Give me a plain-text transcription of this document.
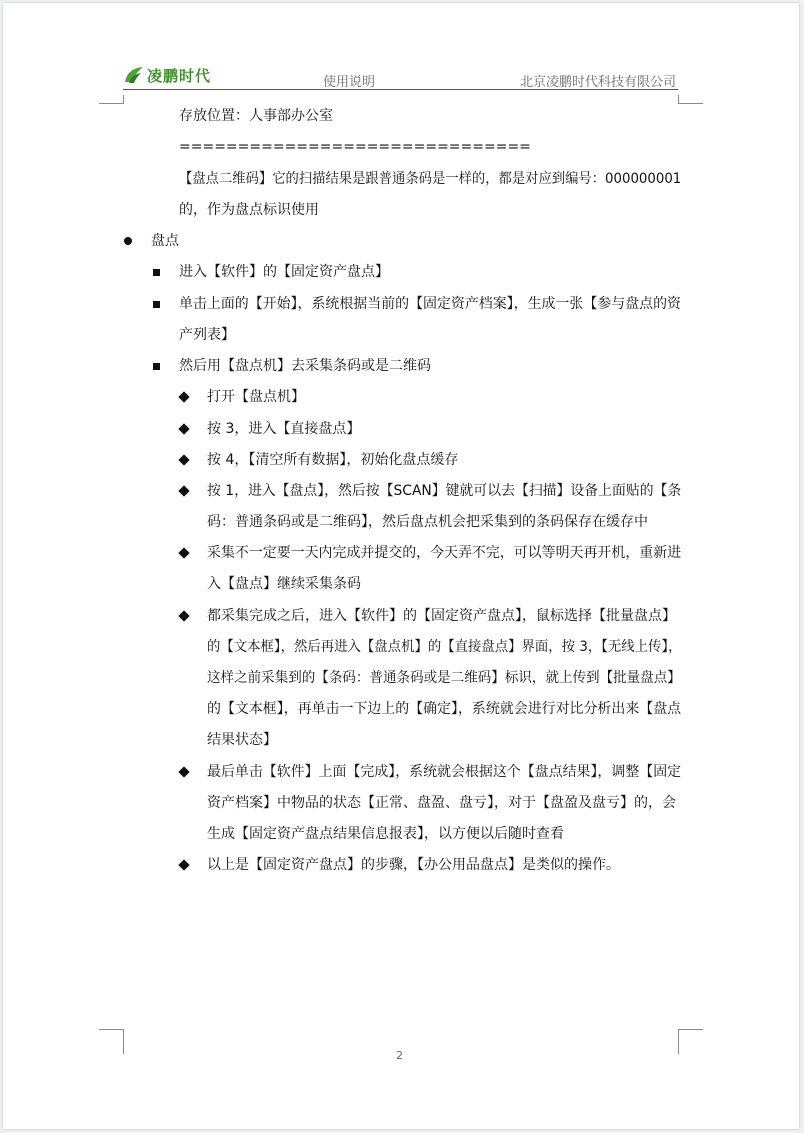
凌鹏时代	使用说明	北京凌鹏时代科技有限公司
存放位置：人事部办公室
==============================
【盘点二维码】它的扫描结果是跟普通条码是一样的，都是对应到编号：000000001
的，作为盘点标识使用
盘点
进入【软件】的【固定资产盘点】
单击上面的【开始】，系统根据当前的【固定资产档案】，生成一张【参与盘点的资
产列表】
然后用【盘点机】去采集条码或是二维码
打开【盘点机】
按 3，进入【直接盘点】
按 4，【清空所有数据】，初始化盘点缓存
按 1，进入【盘点】，然后按【SCAN】键就可以去【扫描】设备上面贴的【条
码：普通条码或是二维码】，然后盘点机会把采集到的条码保存在缓存中
采集不一定要一天内完成并提交的，今天弄不完，可以等明天再开机，重新进
入【盘点】继续采集条码
都采集完成之后，进入【软件】的【固定资产盘点】，鼠标选择【批量盘点】
的【文本框】，然后再进入【盘点机】的【直接盘点】界面，按 3，【无线上传】，
这样之前采集到的【条码：普通条码或是二维码】标识，就上传到【批量盘点】
的【文本框】，再单击一下边上的【确定】，系统就会进行对比分析出来【盘点
结果状态】
最后单击【软件】上面【完成】，系统就会根据这个【盘点结果】，调整【固定
资产档案】中物品的状态【正常、盘盈、盘亏】，对于【盘盈及盘亏】的，会
生成【固定资产盘点结果信息报表】，以方便以后随时查看
以上是【固定资产盘点】的步骤，【办公用品盘点】是类似的操作。
2
